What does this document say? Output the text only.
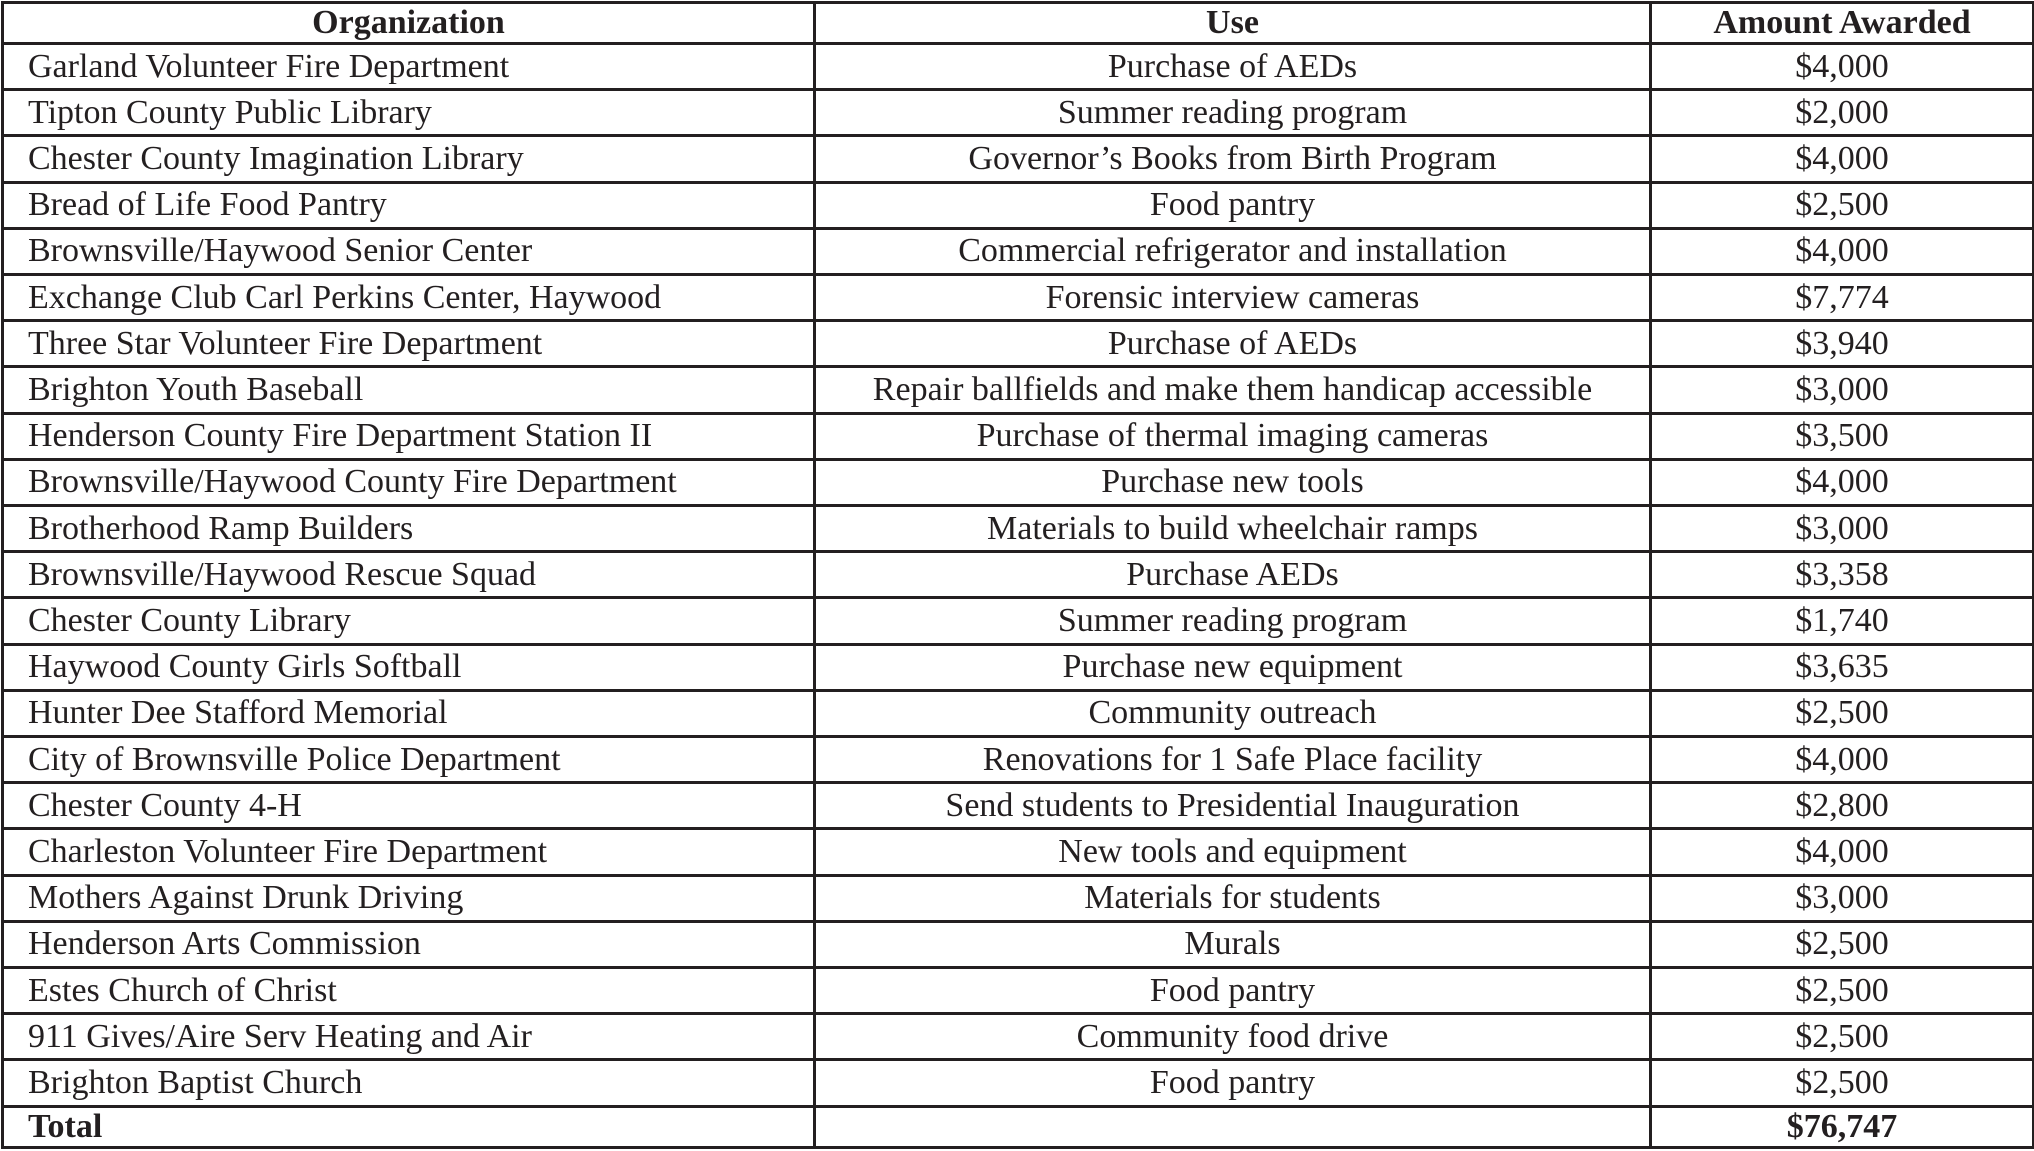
Organization	Use	Amount Awarded
Garland Volunteer Fire Department	Purchase of AEDs	$4,000
Tipton County Public Library	Summer reading program	$2,000
Chester County Imagination Library	Governor’s Books from Birth Program	$4,000
Bread of Life Food Pantry	Food pantry	$2,500
Brownsville/Haywood Senior Center	Commercial refrigerator and installation	$4,000
Exchange Club Carl Perkins Center, Haywood	Forensic interview cameras	$7,774
Three Star Volunteer Fire Department	Purchase of AEDs	$3,940
Brighton Youth Baseball	Repair ballfields and make them handicap accessible	$3,000
Henderson County Fire Department Station II	Purchase of thermal imaging cameras	$3,500
Brownsville/Haywood County Fire Department	Purchase new tools	$4,000
Brotherhood Ramp Builders	Materials to build wheelchair ramps	$3,000
Brownsville/Haywood Rescue Squad	Purchase AEDs	$3,358
Chester County Library	Summer reading program	$1,740
Haywood County Girls Softball	Purchase new equipment	$3,635
Hunter Dee Stafford Memorial	Community outreach	$2,500
City of Brownsville Police Department	Renovations for 1 Safe Place facility	$4,000
Chester County 4-H	Send students to Presidential Inauguration	$2,800
Charleston Volunteer Fire Department	New tools and equipment	$4,000
Mothers Against Drunk Driving	Materials for students	$3,000
Henderson Arts Commission	Murals	$2,500
Estes Church of Christ	Food pantry	$2,500
911 Gives/Aire Serv Heating and Air	Community food drive	$2,500
Brighton Baptist Church	Food pantry	$2,500
Total		$76,747
